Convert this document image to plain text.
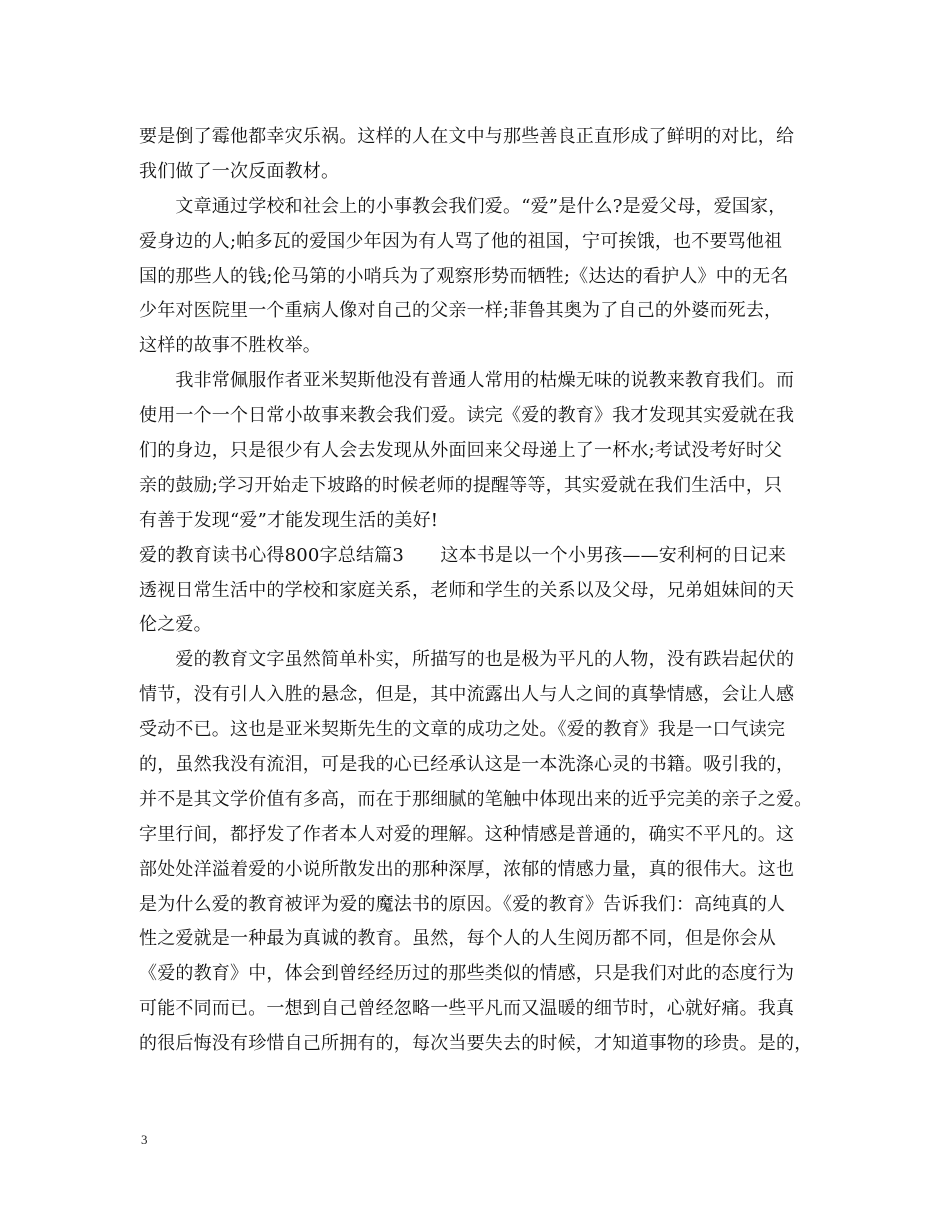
要是倒了霉他都幸灾乐祸。这样的人在文中与那些善良正直形成了鲜明的对比，给
我们做了一次反面教材。
　　文章通过学校和社会上的小事教会我们爱。“爱”是什么?是爱父母，爱国家，
爱身边的人;帕多瓦的爱国少年因为有人骂了他的祖国，宁可挨饿，也不要骂他祖
国的那些人的钱;伦马第的小哨兵为了观察形势而牺牲;《达达的看护人》中的无名
少年对医院里一个重病人像对自己的父亲一样;菲鲁其奥为了自己的外婆而死去，
这样的故事不胜枚举。
　　我非常佩服作者亚米契斯他没有普通人常用的枯燥无味的说教来教育我们。而
使用一个一个日常小故事来教会我们爱。读完《爱的教育》我才发现其实爱就在我
们的身边，只是很少有人会去发现从外面回来父母递上了一杯水;考试没考好时父
亲的鼓励;学习开始走下坡路的时候老师的提醒等等，其实爱就在我们生活中，只
有善于发现“爱”才能发现生活的美好!
爱的教育读书心得800字总结篇3　　这本书是以一个小男孩——安利柯的日记来
透视日常生活中的学校和家庭关系，老师和学生的关系以及父母，兄弟姐妹间的天
伦之爱。
　　爱的教育文字虽然简单朴实，所描写的也是极为平凡的人物，没有跌岩起伏的
情节，没有引人入胜的悬念，但是，其中流露出人与人之间的真挚情感，会让人感
受动不已。这也是亚米契斯先生的文章的成功之处。《爱的教育》我是一口气读完
的，虽然我没有流泪，可是我的心已经承认这是一本洗涤心灵的书籍。吸引我的，
并不是其文学价值有多高，而在于那细腻的笔触中体现出来的近乎完美的亲子之爱。
字里行间，都抒发了作者本人对爱的理解。这种情感是普通的，确实不平凡的。这
部处处洋溢着爱的小说所散发出的那种深厚，浓郁的情感力量，真的很伟大。这也
是为什么爱的教育被评为爱的魔法书的原因。《爱的教育》告诉我们：高纯真的人
性之爱就是一种最为真诚的教育。虽然，每个人的人生阅历都不同，但是你会从
《爱的教育》中，体会到曾经经历过的那些类似的情感，只是我们对此的态度行为
可能不同而已。一想到自己曾经忽略一些平凡而又温暖的细节时，心就好痛。我真
的很后悔没有珍惜自己所拥有的，每次当要失去的时候，才知道事物的珍贵。是的，
3
